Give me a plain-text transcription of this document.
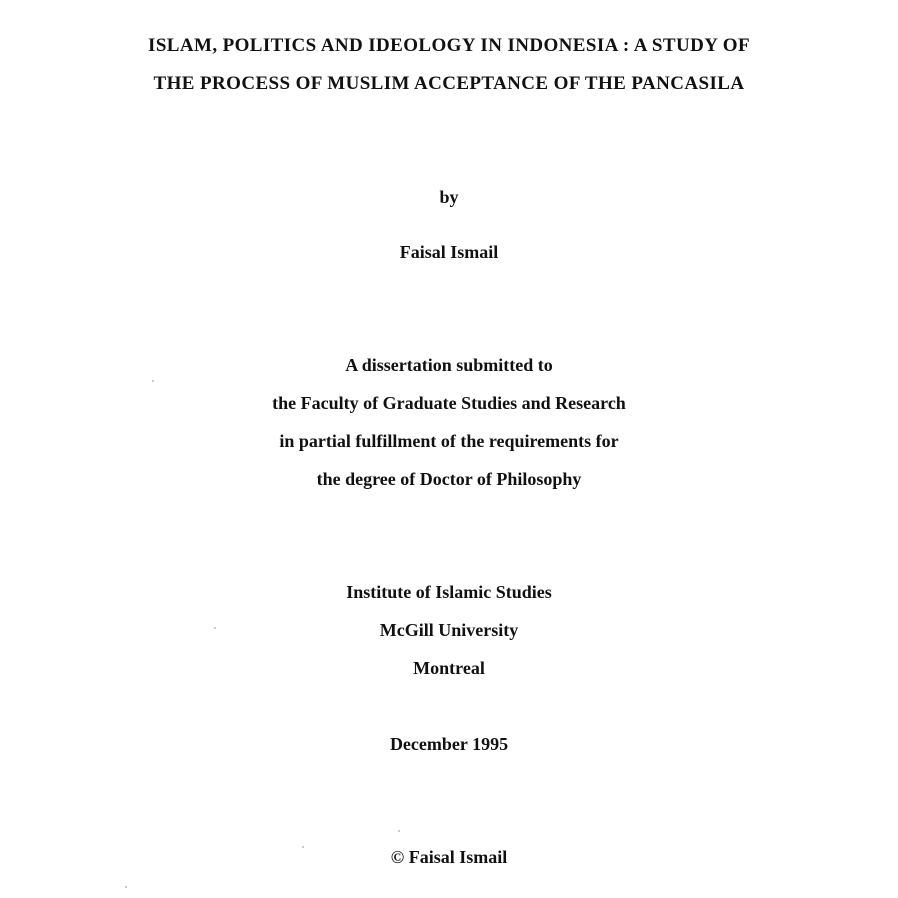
ISLAM, POLITICS AND IDEOLOGY IN INDONESIA : A STUDY OF
THE PROCESS OF MUSLIM ACCEPTANCE OF THE PANCASILA
by
Faisal Ismail
A dissertation submitted to
the Faculty of Graduate Studies and Research
in partial fulfillment of the requirements for
the degree of Doctor of Philosophy
Institute of Islamic Studies
McGill University
Montreal
December 1995
© Faisal Ismail
